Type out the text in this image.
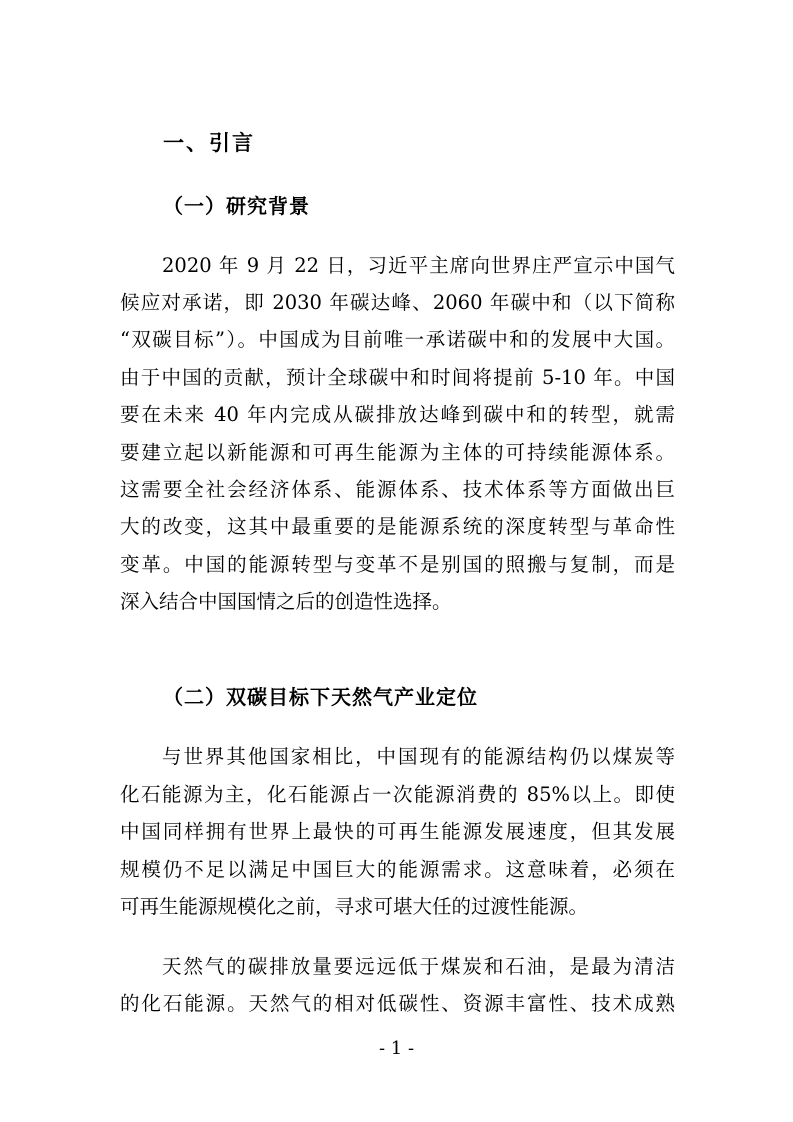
一、引言
（一）研究背景
2020 年 9 月 22 日，习近平主席向世界庄严宣示中国气
候应对承诺，即 2030 年碳达峰、2060 年碳中和（以下简称
“双碳目标”）。中国成为目前唯一承诺碳中和的发展中大国。
由于中国的贡献，预计全球碳中和时间将提前 5-10 年。中国
要在未来 40 年内完成从碳排放达峰到碳中和的转型，就需
要建立起以新能源和可再生能源为主体的可持续能源体系。
这需要全社会经济体系、能源体系、技术体系等方面做出巨
大的改变，这其中最重要的是能源系统的深度转型与革命性
变革。中国的能源转型与变革不是别国的照搬与复制，而是
深入结合中国国情之后的创造性选择。
（二）双碳目标下天然气产业定位
与世界其他国家相比，中国现有的能源结构仍以煤炭等
化石能源为主，化石能源占一次能源消费的 85%以上。即使
中国同样拥有世界上最快的可再生能源发展速度，但其发展
规模仍不足以满足中国巨大的能源需求。这意味着，必须在
可再生能源规模化之前，寻求可堪大任的过渡性能源。
天然气的碳排放量要远远低于煤炭和石油，是最为清洁
的化石能源。天然气的相对低碳性、资源丰富性、技术成熟
- 1 -
